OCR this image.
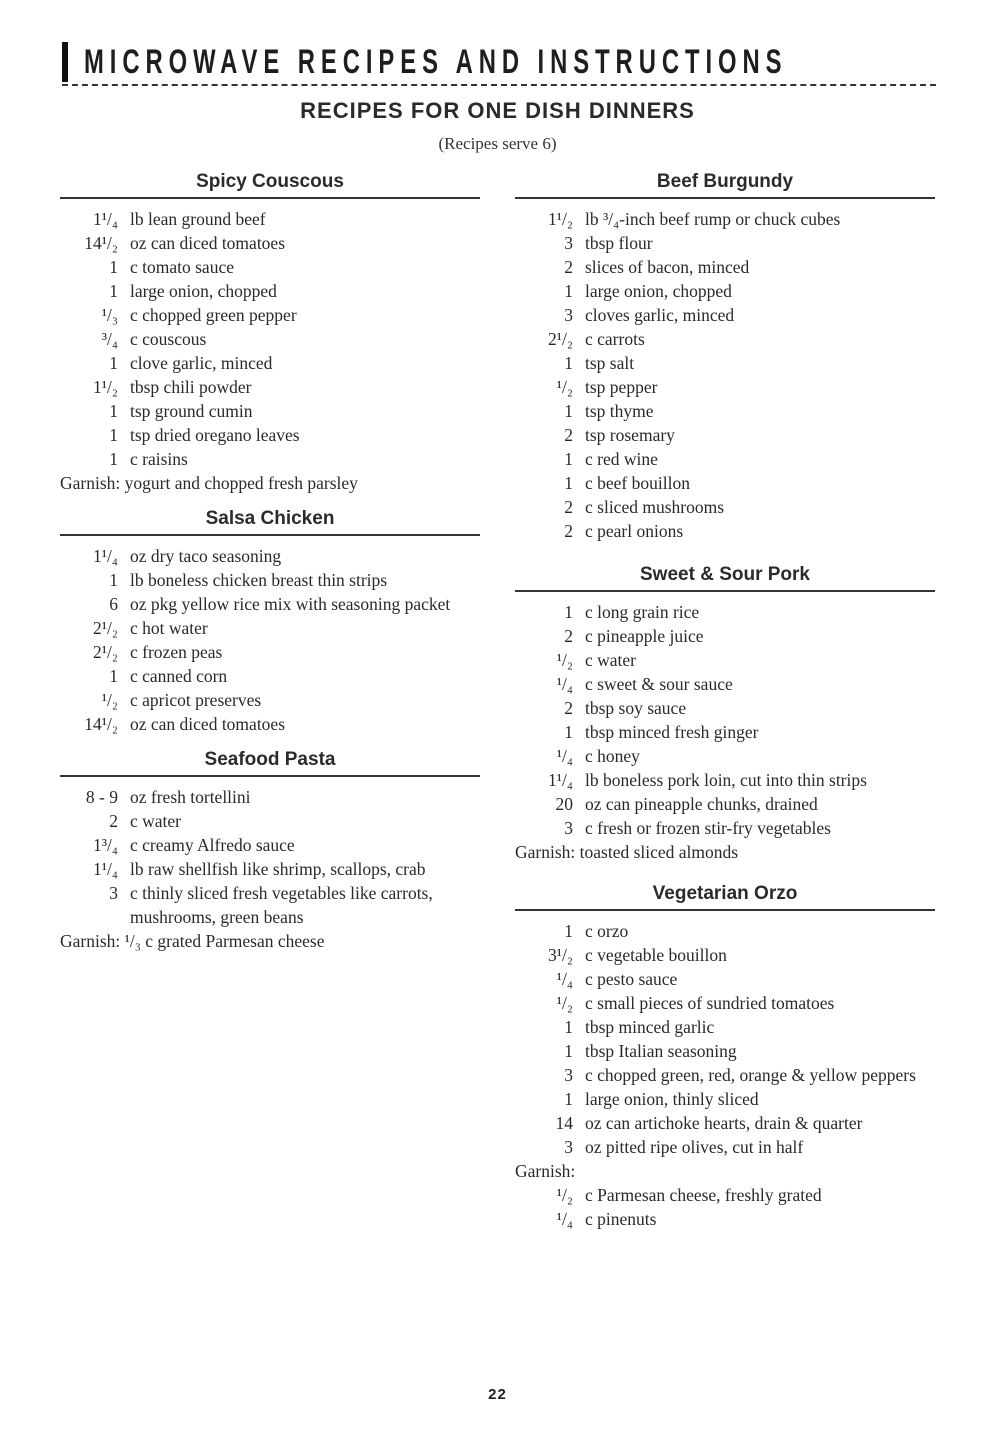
MICROWAVE RECIPES AND INSTRUCTIONS
RECIPES FOR ONE DISH DINNERS
(Recipes serve 6)
Spicy Couscous
1¹/₄ lb lean ground beef
14¹/₂ oz can diced tomatoes
1 c tomato sauce
1 large onion, chopped
¹/₃ c chopped green pepper
³/₄ c couscous
1 clove garlic, minced
1¹/₂ tbsp chili powder
1 tsp ground cumin
1 tsp dried oregano leaves
1 c raisins
Garnish: yogurt and chopped fresh parsley
Salsa Chicken
1¹/₄ oz dry taco seasoning
1 lb boneless chicken breast thin strips
6 oz pkg yellow rice mix with seasoning packet
2¹/₂ c hot water
2¹/₂ c frozen peas
1 c canned corn
¹/₂ c apricot preserves
14¹/₂ oz can diced tomatoes
Seafood Pasta
8 - 9 oz fresh tortellini
2 c water
1³/₄ c creamy Alfredo sauce
1¹/₄ lb raw shellfish like shrimp, scallops, crab
3 c thinly sliced fresh vegetables like carrots, mushrooms, green beans
Garnish: ¹/₃ c grated Parmesan cheese
Beef Burgundy
1¹/₂ lb ³/₄-inch beef rump or chuck cubes
3 tbsp flour
2 slices of bacon, minced
1 large onion, chopped
3 cloves garlic, minced
2¹/₂ c carrots
1 tsp salt
¹/₂ tsp pepper
1 tsp thyme
2 tsp rosemary
1 c red wine
1 c beef bouillon
2 c sliced mushrooms
2 c pearl onions
Sweet & Sour Pork
1 c long grain rice
2 c pineapple juice
¹/₂ c water
¹/₄ c sweet & sour sauce
2 tbsp soy sauce
1 tbsp minced fresh ginger
¹/₄ c honey
1¹/₄ lb boneless pork loin, cut into thin strips
20 oz can pineapple chunks, drained
3 c fresh or frozen stir-fry vegetables
Garnish: toasted sliced almonds
Vegetarian Orzo
1 c orzo
3¹/₂ c vegetable bouillon
¹/₄ c pesto sauce
¹/₂ c small pieces of sundried tomatoes
1 tbsp minced garlic
1 tbsp Italian seasoning
3 c chopped green, red, orange & yellow peppers
1 large onion, thinly sliced
14 oz can artichoke hearts, drain & quarter
3 oz pitted ripe olives, cut in half
Garnish:
¹/₂ c Parmesan cheese, freshly grated
¹/₄ c pinenuts
22
